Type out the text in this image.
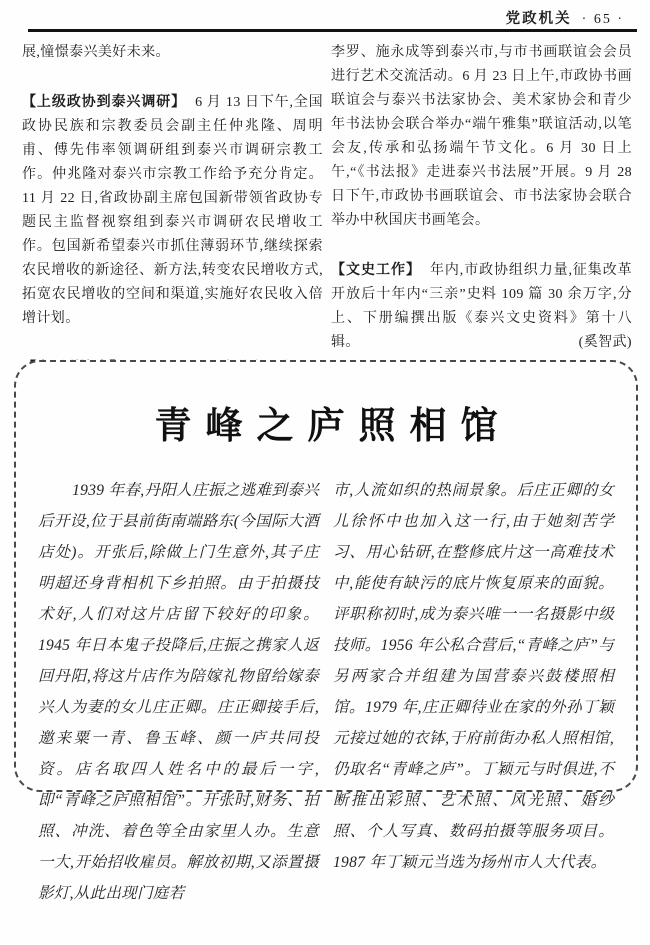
党政机关 · 65 ·

展,憧憬泰兴美好未来。

【上级政协到泰兴调研】 6 月 13 日下午,全国政协民族和宗教委员会副主任仲兆隆、周明甫、傅先伟率领调研组到泰兴市调研宗教工作。仲兆隆对泰兴市宗教工作给予充分肯定。11 月 22 日,省政协副主席包国新带领省政协专题民主监督视察组到泰兴市调研农民增收工作。包国新希望泰兴市抓住薄弱环节,继续探索农民增收的新途径、新方法,转变农民增收方式,拓宽农民增收的空间和渠道,实施好农民收入倍增计划。

李罗、施永成等到泰兴市,与市书画联谊会会员进行艺术交流活动。6 月 23 日上午,市政协书画联谊会与泰兴书法家协会、美术家协会和青少年书法协会联合举办“端午雅集”联谊活动,以笔会友,传承和弘扬端午节文化。6 月 30 日上午,“《书法报》走进泰兴书法展”开展。9 月 28 日下午,市政协书画联谊会、市书法家协会联合举办中秋国庆书画笔会。

【文史工作】 年内,市政协组织力量,征集改革开放后十年内“三亲”史料 109 篇 30 余万字,分上、下册编撰出版《泰兴文史资料》第十八辑。	(奚智武)

青峰之庐照相馆

1939 年春,丹阳人庄振之逃难到泰兴后开设,位于县前街南端路东(今国际大酒店处)。开张后,除做上门生意外,其子庄明超还身背相机下乡拍照。由于拍摄技术好,人们对这片店留下较好的印象。1945 年日本鬼子投降后,庄振之携家人返回丹阳,将这片店作为陪嫁礼物留给嫁泰兴人为妻的女儿庄正卿。庄正卿接手后,邀来粟一青、鲁玉峰、颜一庐共同投资。店名取四人姓名中的最后一字,即“青峰之庐照相馆”。开张时,财务、拍照、冲洗、着色等全由家里人办。生意一大,开始招收雇员。解放初期,又添置摄影灯,从此出现门庭若

市,人流如织的热闹景象。后庄正卿的女儿徐怀中也加入这一行,由于她刻苦学习、用心钻研,在整修底片这一高难技术中,能使有缺污的底片恢复原来的面貌。评职称初时,成为泰兴唯一一名摄影中级技师。1956 年公私合营后,“青峰之庐”与另两家合并组建为国营泰兴鼓楼照相馆。1979 年,庄正卿待业在家的外孙丁颖元接过她的衣钵,于府前街办私人照相馆,仍取名“青峰之庐”。丁颖元与时俱进,不断推出彩照、艺术照、风光照、婚纱照、个人写真、数码拍摄等服务项目。1987 年丁颖元当选为扬州市人大代表。
